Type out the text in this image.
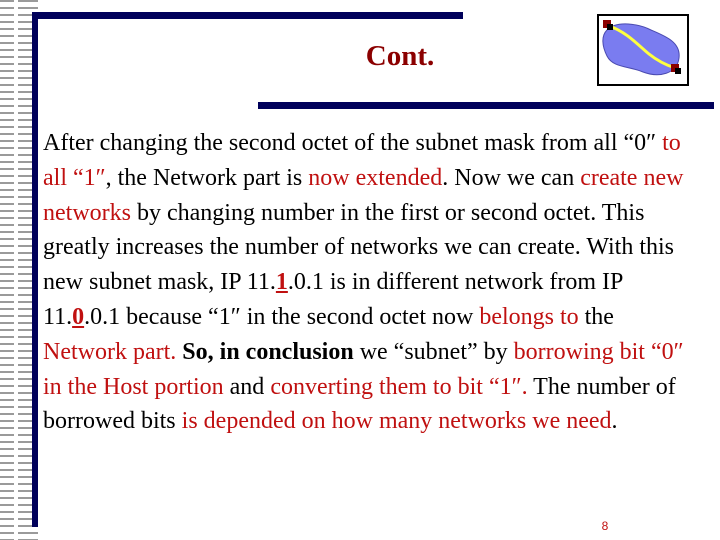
Cont.
After changing the second octet of the subnet mask from all “0″ to all “1″, the Network part is now extended. Now we can create new networks by changing number in the first or second octet. This greatly increases the number of networks we can create. With this new subnet mask, IP 11.1.0.1 is in different network from IP 11.0.0.1 because “1″ in the second octet now belongs to the Network part. So, in conclusion we “subnet” by borrowing bit “0″ in the Host portion and converting them to bit “1″. The number of borrowed bits is depended on how many networks we need.
8
